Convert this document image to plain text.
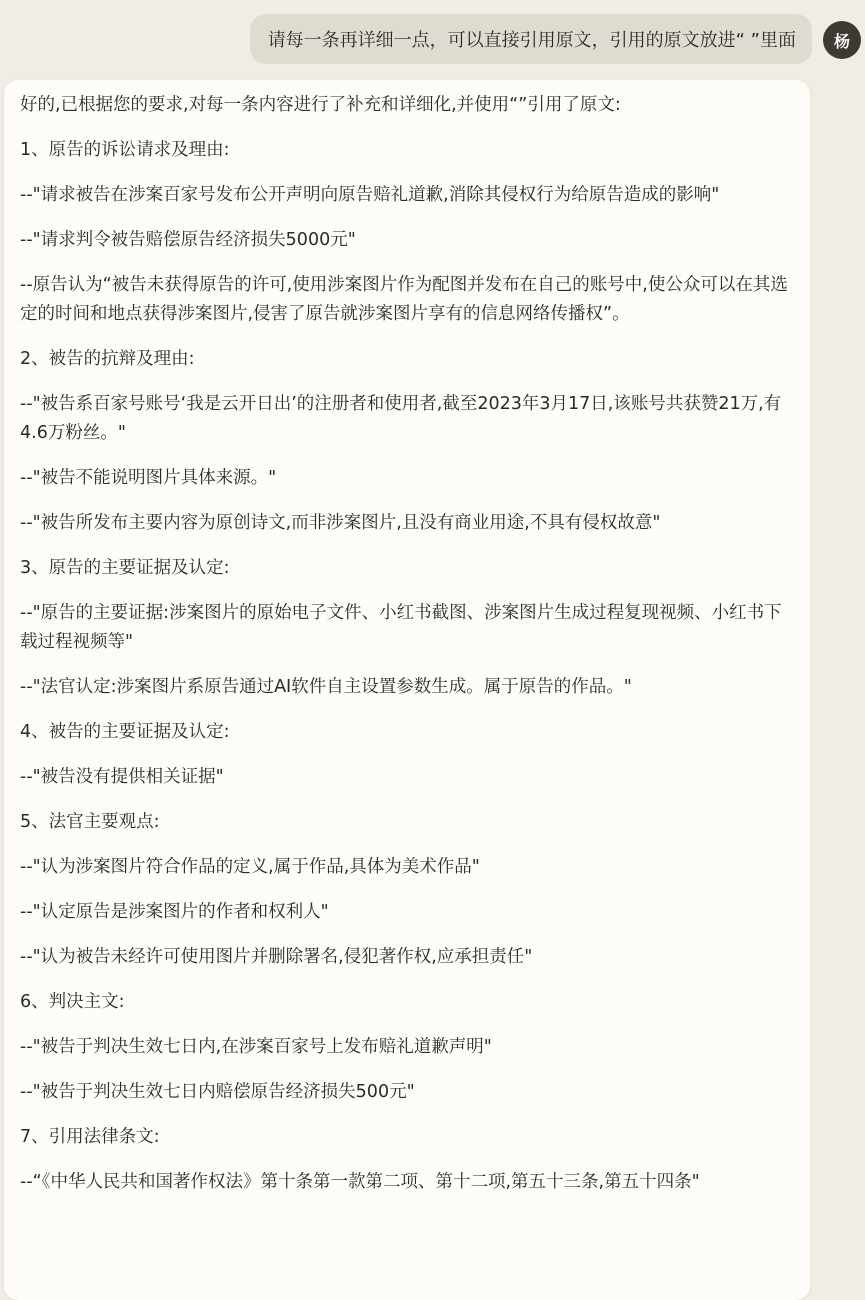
请每一条再详细一点，可以直接引用原文，引用的原文放进“ ”里面	杨

好的,已根据您的要求,对每一条内容进行了补充和详细化,并使用“”引用了原文:

1、原告的诉讼请求及理由:

--"请求被告在涉案百家号发布公开声明向原告赔礼道歉,消除其侵权行为给原告造成的影响"

--"请求判令被告赔偿原告经济损失5000元"

--原告认为“被告未获得原告的许可,使用涉案图片作为配图并发布在自己的账号中,使公众可以在其选定的时间和地点获得涉案图片,侵害了原告就涉案图片享有的信息网络传播权”。

2、被告的抗辩及理由:

--"被告系百家号账号‘我是云开日出’的注册者和使用者,截至2023年3月17日,该账号共获赞21万,有4.6万粉丝。"

--"被告不能说明图片具体来源。"

--"被告所发布主要内容为原创诗文,而非涉案图片,且没有商业用途,不具有侵权故意"

3、原告的主要证据及认定:

--"原告的主要证据:涉案图片的原始电子文件、小红书截图、涉案图片生成过程复现视频、小红书下载过程视频等"

--"法官认定:涉案图片系原告通过AI软件自主设置参数生成。属于原告的作品。"

4、被告的主要证据及认定:

--"被告没有提供相关证据"

5、法官主要观点:

--"认为涉案图片符合作品的定义,属于作品,具体为美术作品"

--"认定原告是涉案图片的作者和权利人"

--"认为被告未经许可使用图片并删除署名,侵犯著作权,应承担责任"

6、判决主文:

--"被告于判决生效七日内,在涉案百家号上发布赔礼道歉声明"

--"被告于判决生效七日内赔偿原告经济损失500元"

7、引用法律条文:

--“《中华人民共和国著作权法》第十条第一款第二项、第十二项,第五十三条,第五十四条"
